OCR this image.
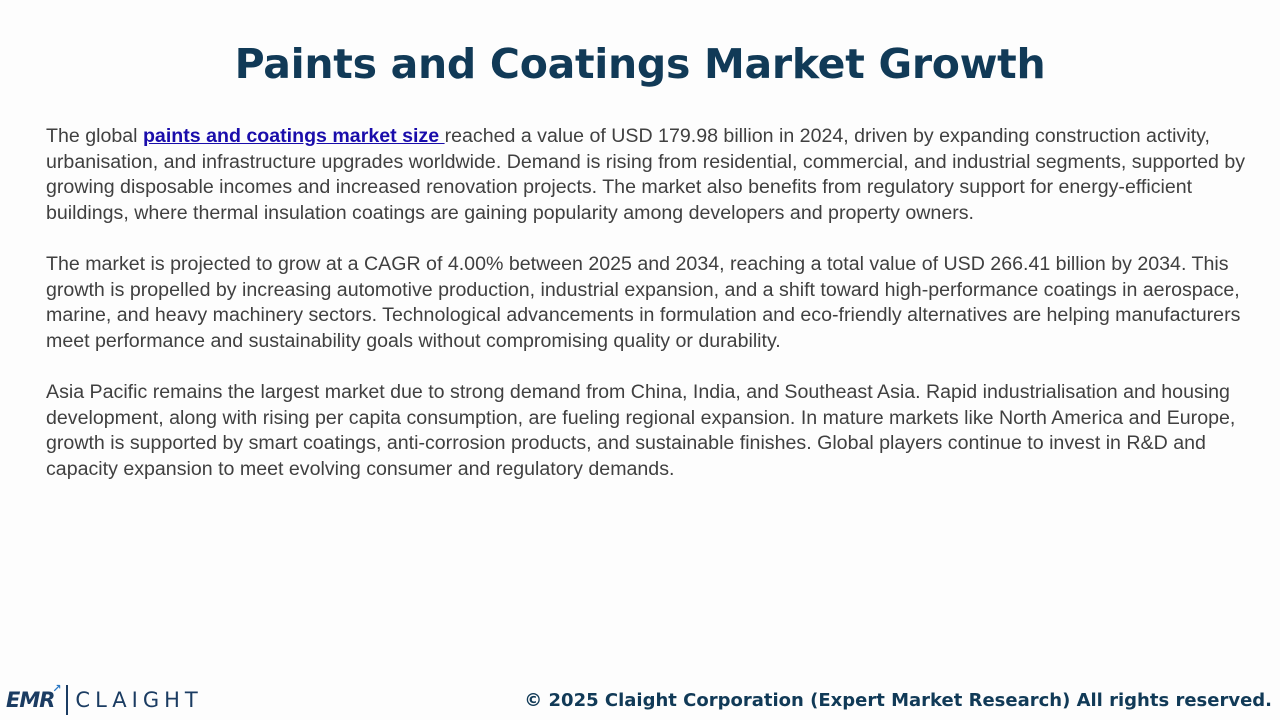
Paints and Coatings Market Growth

The global paints and coatings market size reached a value of USD 179.98 billion in 2024, driven by expanding construction activity, urbanisation, and infrastructure upgrades worldwide. Demand is rising from residential, commercial, and industrial segments, supported by growing disposable incomes and increased renovation projects. The market also benefits from regulatory support for energy-efficient buildings, where thermal insulation coatings are gaining popularity among developers and property owners.

The market is projected to grow at a CAGR of 4.00% between 2025 and 2034, reaching a total value of USD 266.41 billion by 2034. This growth is propelled by increasing automotive production, industrial expansion, and a shift toward high-performance coatings in aerospace, marine, and heavy machinery sectors. Technological advancements in formulation and eco-friendly alternatives are helping manufacturers meet performance and sustainability goals without compromising quality or durability.

Asia Pacific remains the largest market due to strong demand from China, India, and Southeast Asia. Rapid industrialisation and housing development, along with rising per capita consumption, are fueling regional expansion. In mature markets like North America and Europe, growth is supported by smart coatings, anti-corrosion products, and sustainable finishes. Global players continue to invest in R&D and capacity expansion to meet evolving consumer and regulatory demands.

EMR
↗ CLAIGHT	© 2025 Claight Corporation (Expert Market Research) All rights reserved.
